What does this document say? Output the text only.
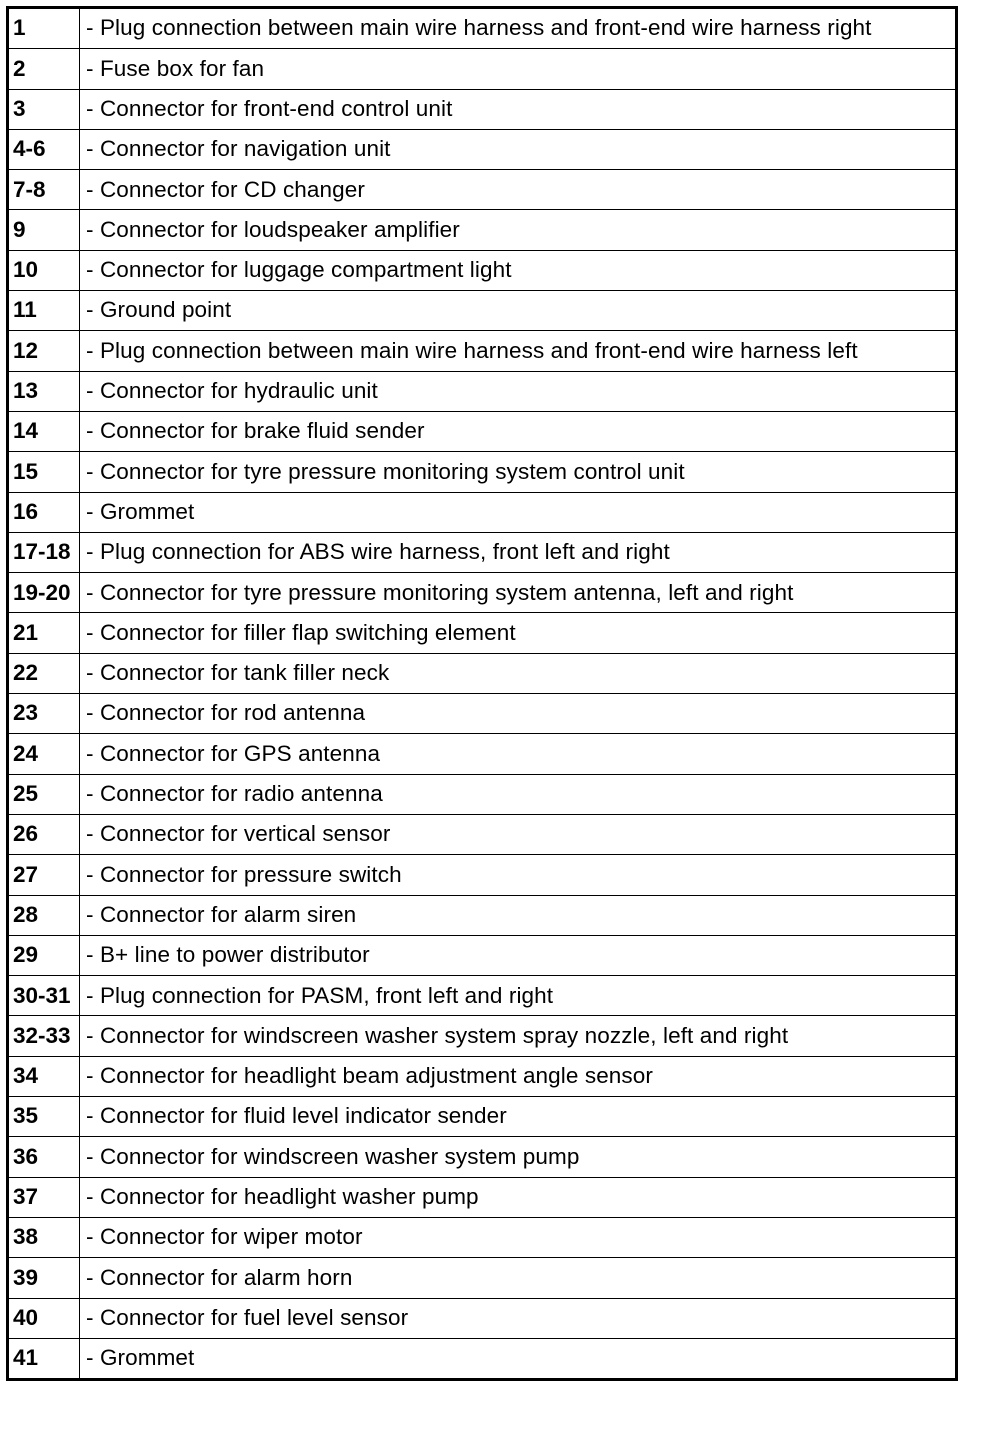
1	- Plug connection between main wire harness and front-end wire harness right
2	- Fuse box for fan
3	- Connector for front-end control unit
4-6	- Connector for navigation unit
7-8	- Connector for CD changer
9	- Connector for loudspeaker amplifier
10	- Connector for luggage compartment light
11	- Ground point
12	- Plug connection between main wire harness and front-end wire harness left
13	- Connector for hydraulic unit
14	- Connector for brake fluid sender
15	- Connector for tyre pressure monitoring system control unit
16	- Grommet
17-18	- Plug connection for ABS wire harness, front left and right
19-20	- Connector for tyre pressure monitoring system antenna, left and right
21	- Connector for filler flap switching element
22	- Connector for tank filler neck
23	- Connector for rod antenna
24	- Connector for GPS antenna
25	- Connector for radio antenna
26	- Connector for vertical sensor
27	- Connector for pressure switch
28	- Connector for alarm siren
29	- B+ line to power distributor
30-31	- Plug connection for PASM, front left and right
32-33	- Connector for windscreen washer system spray nozzle, left and right
34	- Connector for headlight beam adjustment angle sensor
35	- Connector for fluid level indicator sender
36	- Connector for windscreen washer system pump
37	- Connector for headlight washer pump
38	- Connector for wiper motor
39	- Connector for alarm horn
40	- Connector for fuel level sensor
41	- Grommet
